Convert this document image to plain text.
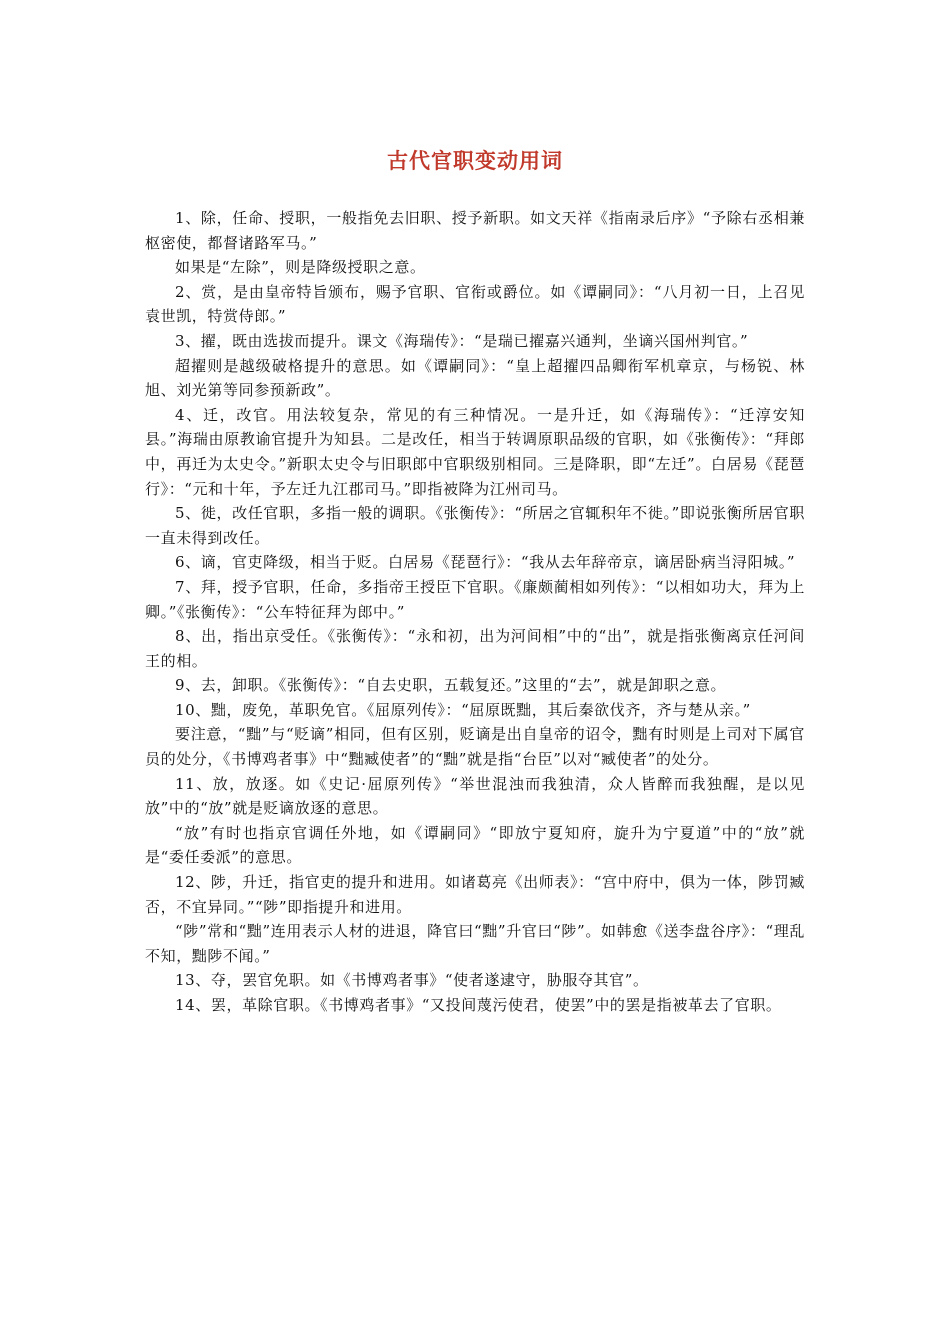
古代官职变动用词

1、除，任命、授职，一般指免去旧职、授予新职。如文天祥《指南录后序》“予除右丞相兼枢密使，都督诸路军马。”

如果是“左除”，则是降级授职之意。

2、赏，是由皇帝特旨颁布，赐予官职、官衔或爵位。如《谭嗣同》：“八月初一日，上召见袁世凯，特赏侍郎。”

3、擢，既由选拔而提升。课文《海瑞传》：“是瑞已擢嘉兴通判，坐谪兴国州判官。”

超擢则是越级破格提升的意思。如《谭嗣同》：“皇上超擢四品卿衔军机章京，与杨锐、林旭、刘光第等同参预新政”。

4、迁，改官。用法较复杂，常见的有三种情况。一是升迁，如《海瑞传》：“迁淳安知县。”海瑞由原教谕官提升为知县。二是改任，相当于转调原职品级的官职，如《张衡传》：“拜郎中，再迁为太史令。”新职太史令与旧职郎中官职级别相同。三是降职，即“左迁”。白居易《琵琶行》：“元和十年，予左迁九江郡司马。”即指被降为江州司马。

5、徙，改任官职，多指一般的调职。《张衡传》：“所居之官辄积年不徙。”即说张衡所居官职一直未得到改任。

6、谪，官吏降级，相当于贬。白居易《琵琶行》：“我从去年辞帝京，谪居卧病当浔阳城。”

7、拜，授予官职，任命，多指帝王授臣下官职。《廉颇蔺相如列传》：“以相如功大，拜为上卿。”《张衡传》：“公车特征拜为郎中。”

8、出，指出京受任。《张衡传》：“永和初，出为河间相”中的“出”，就是指张衡离京任河间王的相。

9、去，卸职。《张衡传》：“自去史职，五载复还。”这里的“去”，就是卸职之意。

10、黜，废免，革职免官。《屈原列传》：“屈原既黜，其后秦欲伐齐，齐与楚从亲。”

要注意，“黜”与“贬谪”相同，但有区别，贬谪是出自皇帝的诏令，黜有时则是上司对下属官员的处分，《书博鸡者事》中“黜臧使者”的“黜”就是指“台臣”以对“臧使者”的处分。

11、放，放逐。如《史记·屈原列传》“举世混浊而我独清，众人皆醉而我独醒，是以见放”中的“放”就是贬谪放逐的意思。

“放”有时也指京官调任外地，如《谭嗣同》“即放宁夏知府，旋升为宁夏道”中的“放”就是“委任委派”的意思。

12、陟，升迁，指官吏的提升和进用。如诸葛亮《出师表》：“宫中府中，俱为一体，陟罚臧否，不宜异同。”“陟”即指提升和进用。

“陟”常和“黜”连用表示人材的进退，降官曰“黜”升官曰“陟”。如韩愈《送李盘谷序》：“理乱不知，黜陟不闻。”

13、夺，罢官免职。如《书博鸡者事》“使者遂逮守，胁服夺其官”。

14、罢，革除官职。《书博鸡者事》“又投间蔑污使君，使罢”中的罢是指被革去了官职。
